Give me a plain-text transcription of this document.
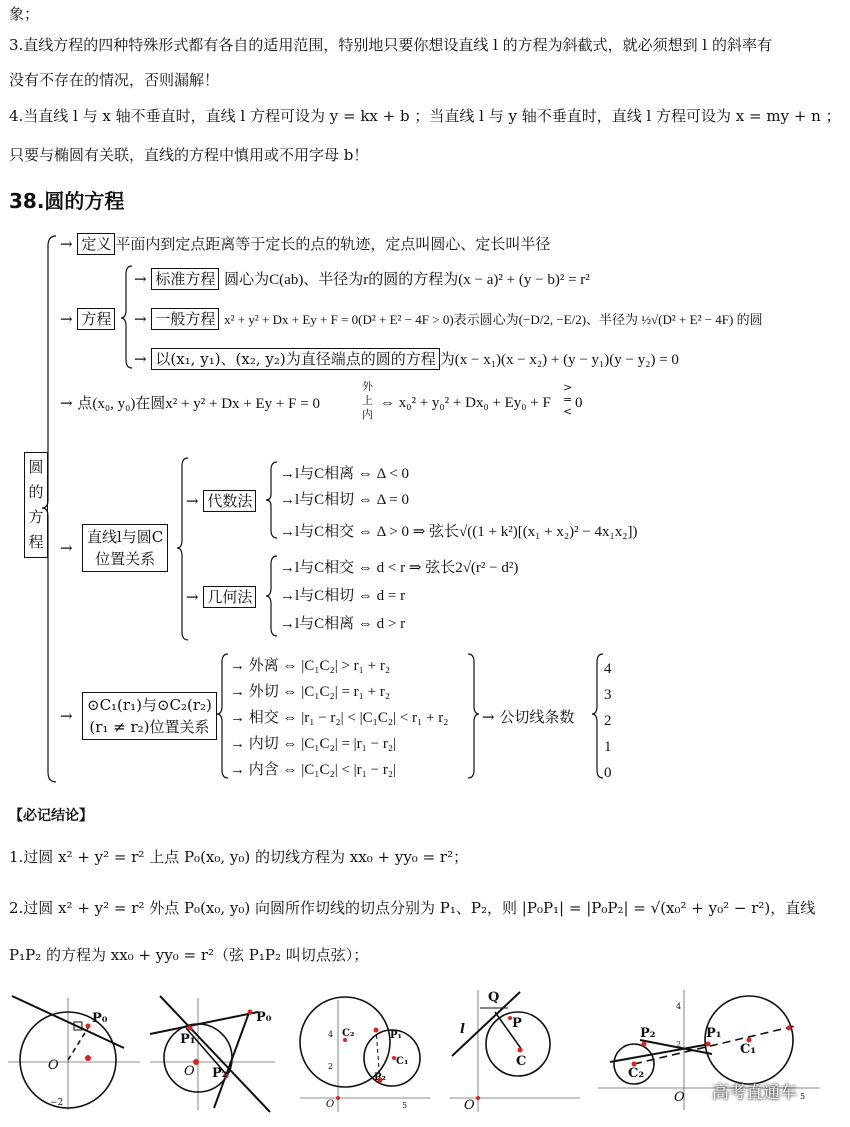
象；
3.直线方程的四种特殊形式都有各自的适用范围，特别地只要你想设直线 l 的方程为斜截式，就必须想到 l 的斜率有
没有不存在的情况，否则漏解！
4.当直线 l 与 x 轴不垂直时，直线 l 方程可设为 y = kx + b ；当直线 l 与 y 轴不垂直时，直线 l 方程可设为 x = my + n ；
只要与椭圆有关联，直线的方程中慎用或不用字母 b！
38.圆的方程
圆
的
方
程
→ 定义 平面内到定点距离等于定长的点的轨迹，定点叫圆心、定长叫半径
→ 方程
→ 标准方程 圆心为C(ab)、半径为r的圆的方程为(x − a)² + (y − b)² = r²
→ 一般方程 x² + y² + Dx + Ey + F = 0(D² + E² − 4F > 0)表示圆心为(−D/2, −E/2)、半径为 ½√(D² + E² − 4F) 的圆
→ 以(x₁, y₁)、(x₂, y₂)为直径端点的圆的方程 为(x − x₁)(x − x₂) + (y − y₁)(y − y₂) = 0
→ 点(x₀, y₀)在圆x² + y² + Dx + Ey + F = 0
外
上
内
⇔ x₀² + y₀² + Dx₀ + Ey₀ + F
>
=
<
0
→
直线l与圆C
位置关系
→ 代数法
→l与C相离 ⇔ Δ < 0
→l与C相切 ⇔ Δ = 0
→l与C相交 ⇔ Δ > 0 ⇒ 弦长√((1 + k²)[(x₁ + x₂)² − 4x₁x₂])
→ 几何法
→l与C相交 ⇔ d < r ⇒ 弦长2√(r² − d²)
→l与C相切 ⇔ d = r
→l与C相离 ⇔ d > r
→
⊙C₁(r₁)与⊙C₂(r₂)
(r₁ ≠ r₂)位置关系
→ 外离 ⇔ |C₁C₂| > r₁ + r₂
→ 外切 ⇔ |C₁C₂| = r₁ + r₂
→ 相交 ⇔ |r₁ − r₂| < |C₁C₂| < r₁ + r₂
→ 内切 ⇔ |C₁C₂| = |r₁ − r₂|
→ 内含 ⇔ |C₁C₂| < |r₁ − r₂|
→ 公切线条数
4
3
2
1
0
【必记结论】
1.过圆 x² + y² = r² 上点 P₀(x₀, y₀) 的切线方程为 xx₀ + yy₀ = r²；
2.过圆 x² + y² = r² 外点 P₀(x₀, y₀) 向圆所作切线的切点分别为 P₁、P₂，则 |P₀P₁| = |P₀P₂| = √(x₀² + y₀² − r²)，直线
P₁P₂ 的方程为 xx₀ + yy₀ = r²（弦 P₁P₂ 叫切点弦）；
P₀
O
−2
P₀
P₁
P₂
O
P₁
P₂
C₁
C₂
O
4
2
5
Q
P
l
C
O
P₁
P₂
C₁
C₂
O
4
2
5
高考直通车
